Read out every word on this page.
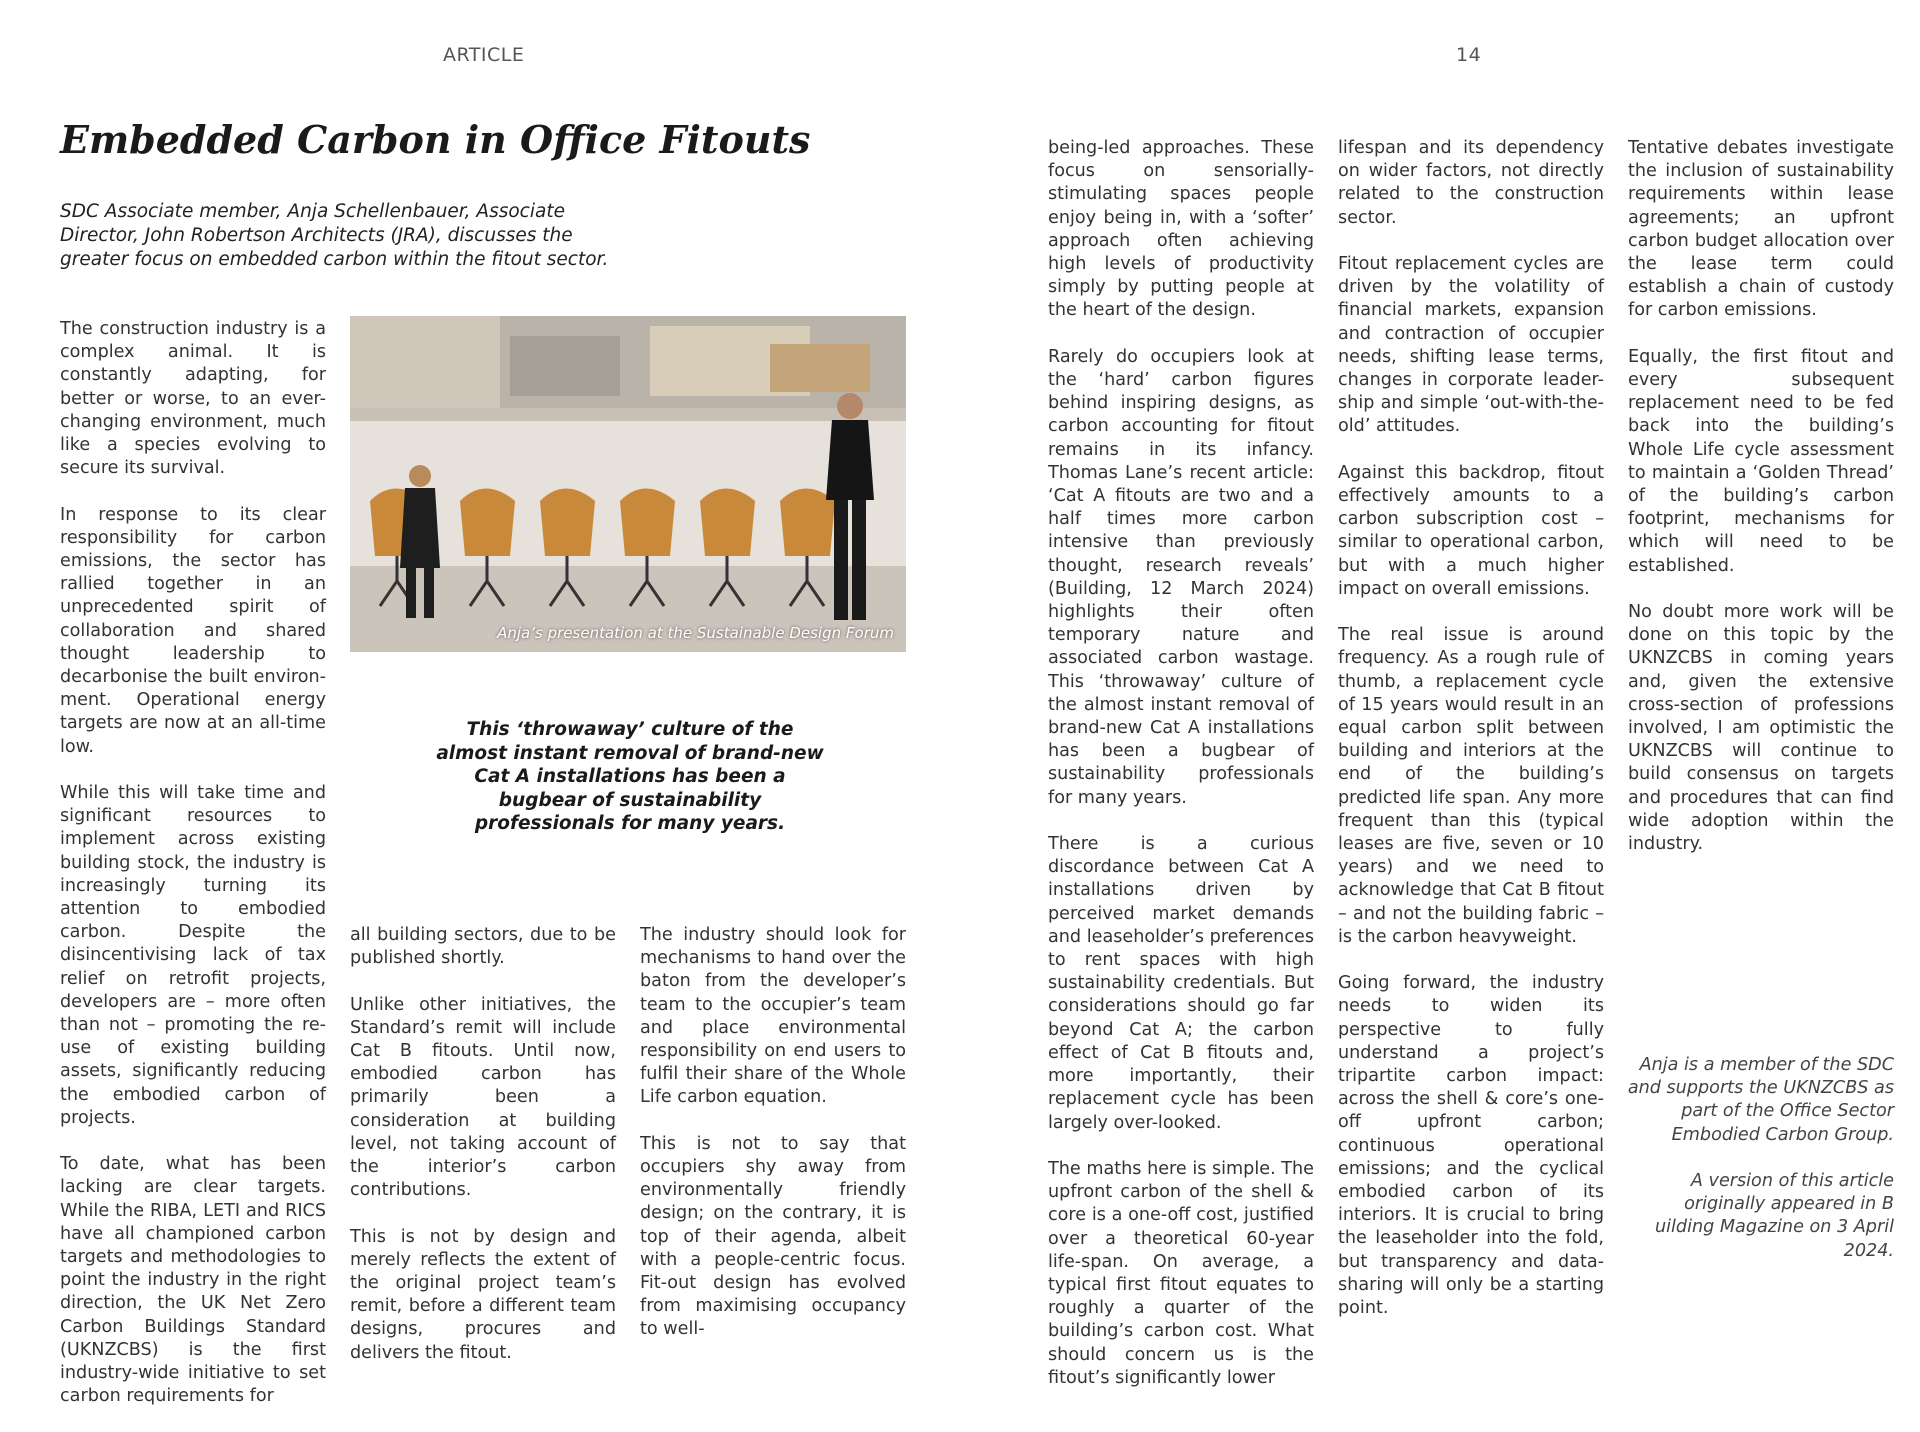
ARTICLE
Embedded Carbon in Office Fitouts

SDC Associate member, Anja Schellenbauer, Associate Director, John Robertson Architects (JRA), discusses the greater focus on embedded carbon within the fitout sector.

The construction industry is a complex animal. It is constantly adapting, for better or worse, to an ever-changing environment, much like a species evolving to secure its survival.

In response to its clear responsibility for carbon emissions, the sector has rallied together in an unprecedented spirit of collaboration and shared thought leadership to decarbonise the built environ-ment. Operational energy targets are now at an all-time low.

While this will take time and significant resources to implement across existing building stock, the industry is increasingly turning its attention to embodied carbon. Despite the disincentivising lack of tax relief on retrofit projects, developers are – more often than not – promoting the re-use of existing building assets, significantly reducing the embodied carbon of projects.

To date, what has been lacking are clear targets. While the RIBA, LETI and RICS have all championed carbon targets and methodologies to point the industry in the right direction, the UK Net Zero Carbon Buildings Standard (UKNZCBS) is the first industry-wide initiative to set carbon requirements for

Anja’s presentation at the Sustainable Design Forum

This ‘throwaway’ culture of the almost instant removal of brand-new Cat A installations has been a bugbear of sustainability professionals for many years.

all building sectors, due to be published shortly.

Unlike other initiatives, the Standard’s remit will include Cat B fitouts. Until now, embodied carbon has primarily been a consideration at building level, not taking account of the interior’s carbon contributions.

This is not by design and merely reflects the extent of the original project team’s remit, before a different team designs, procures and delivers the fitout.

The industry should look for mechanisms to hand over the baton from the developer’s team to the occupier’s team and place environmental responsibility on end users to fulfil their share of the Whole Life carbon equation.

This is not to say that occupiers shy away from environmentally friendly design; on the contrary, it is top of their agenda, albeit with a people-centric focus. Fit-out design has evolved from maximising occupancy to well-

14

being-led approaches. These focus on sensorially-stimulating spaces people enjoy being in, with a ‘softer’ approach often achieving high levels of productivity simply by putting people at the heart of the design.

Rarely do occupiers look at the ‘hard’ carbon figures behind inspiring designs, as carbon accounting for fitout remains in its infancy. Thomas Lane’s recent article: ‘Cat A fitouts are two and a half times more carbon intensive than previously thought, research reveals’ (Building, 12 March 2024) highlights their often temporary nature and associated carbon wastage. This ‘throwaway’ culture of the almost instant removal of brand-new Cat A installations has been a bugbear of sustainability professionals for many years.

There is a curious discordance between Cat A installations driven by perceived market demands and leaseholder’s preferences to rent spaces with high sustainability credentials. But considerations should go far beyond Cat A; the carbon effect of Cat B fitouts and, more importantly, their replacement cycle has been largely over-looked.

The maths here is simple. The upfront carbon of the shell & core is a one-off cost, justified over a theoretical 60-year life-span. On average, a typical first fitout equates to roughly a quarter of the building’s carbon cost. What should concern us is the fitout’s significantly lower

lifespan and its dependency on wider factors, not directly related to the construction sector.

Fitout replacement cycles are driven by the volatility of financial markets, expansion and contraction of occupier needs, shifting lease terms, changes in corporate leader-ship and simple ‘out-with-the-old’ attitudes.

Against this backdrop, fitout effectively amounts to a carbon subscription cost – similar to operational carbon, but with a much higher impact on overall emissions.

The real issue is around frequency. As a rough rule of thumb, a replacement cycle of 15 years would result in an equal carbon split between building and interiors at the end of the building’s predicted life span. Any more frequent than this (typical leases are five, seven or 10 years) and we need to acknowledge that Cat B fitout – and not the building fabric – is the carbon heavyweight.

Going forward, the industry needs to widen its perspective to fully understand a project’s tripartite carbon impact: across the shell & core’s one-off upfront carbon; continuous operational emissions; and the cyclical embodied carbon of its interiors. It is crucial to bring the leaseholder into the fold, but transparency and data-sharing will only be a starting point.

Tentative debates investigate the inclusion of sustainability requirements within lease agreements; an upfront carbon budget allocation over the lease term could establish a chain of custody for carbon emissions.

Equally, the first fitout and every subsequent replacement need to be fed back into the building’s Whole Life cycle assessment to maintain a ‘Golden Thread’ of the building’s carbon footprint, mechanisms for which will need to be established.

No doubt more work will be done on this topic by the UKNZCBS in coming years and, given the extensive cross-section of professions involved, I am optimistic the UKNZCBS will continue to build consensus on targets and procedures that can find wide adoption within the industry.

Anja is a member of the SDC and supports the UKNZCBS as part of the Office Sector Embodied Carbon Group.

A version of this article originally appeared in B uilding Magazine on 3 April 2024.
